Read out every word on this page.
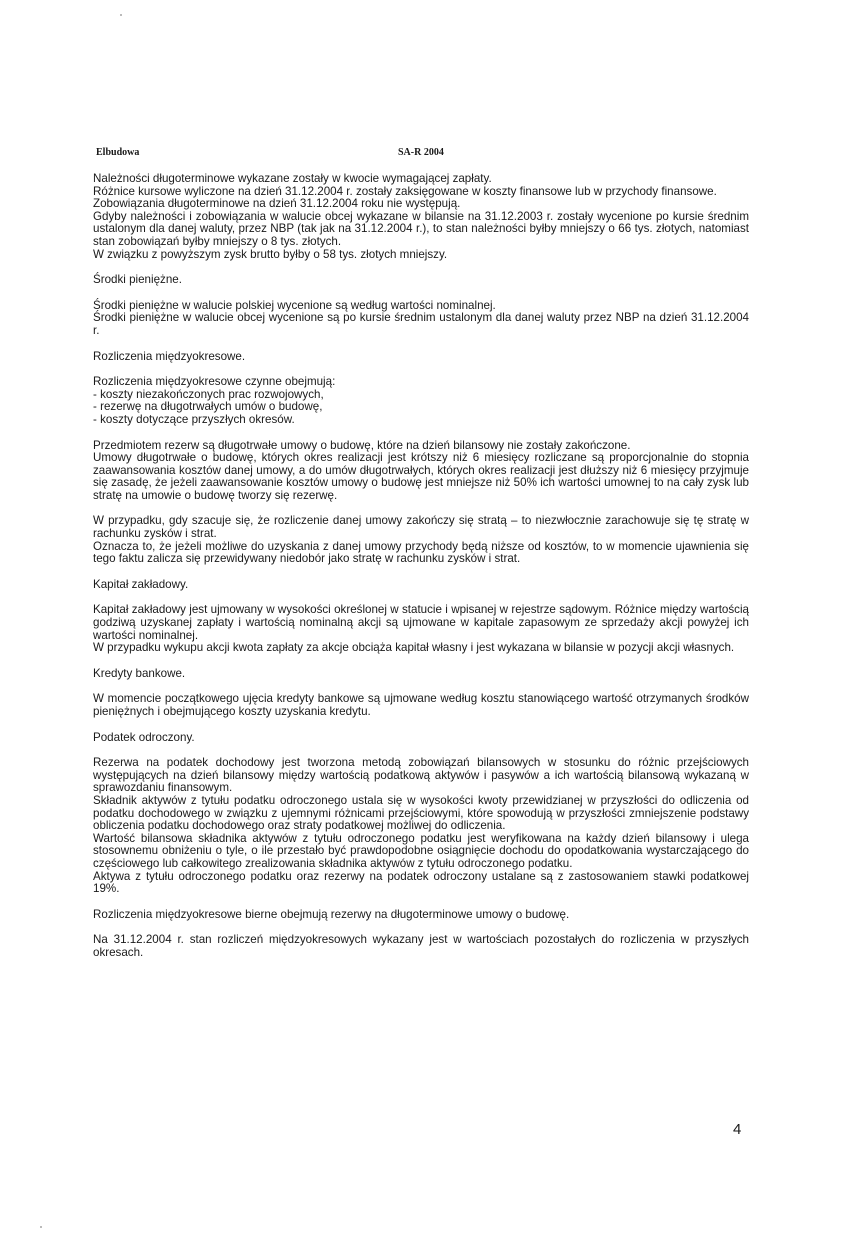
Elbudowa	SA-R 2004

Należności długoterminowe wykazane zostały w kwocie wymagającej zapłaty.

Różnice kursowe wyliczone na dzień 31.12.2004 r. zostały zaksięgowane w koszty finansowe lub w przychody finansowe.

Zobowiązania długoterminowe na dzień 31.12.2004 roku nie występują.

Gdyby należności i zobowiązania w walucie obcej wykazane w bilansie na 31.12.2003 r. zostały wycenione po kursie średnim ustalonym dla danej waluty, przez NBP (tak jak na 31.12.2004 r.), to stan należności byłby mniejszy o 66 tys. złotych, natomiast stan zobowiązań byłby mniejszy o 8 tys. złotych.

W związku z powyższym zysk brutto byłby o 58 tys. złotych mniejszy.

Środki pieniężne.

Środki pieniężne w walucie polskiej wycenione są według wartości nominalnej.

Środki pieniężne w walucie obcej wycenione są po kursie średnim ustalonym dla danej waluty przez NBP na dzień 31.12.2004 r.

Rozliczenia międzyokresowe.

Rozliczenia międzyokresowe czynne obejmują:

- koszty niezakończonych prac rozwojowych,

- rezerwę na długotrwałych umów o budowę,

- koszty dotyczące przyszłych okresów.

Przedmiotem rezerw są długotrwałe umowy o budowę, które na dzień bilansowy nie zostały zakończone.

Umowy długotrwałe o budowę, których okres realizacji jest krótszy niż 6 miesięcy rozliczane są proporcjonalnie do stopnia zaawansowania kosztów danej umowy, a do umów długotrwałych, których okres realizacji jest dłuższy niż 6 miesięcy przyjmuje się zasadę, że jeżeli zaawansowanie kosztów umowy o budowę jest mniejsze niż 50% ich wartości umownej to na cały zysk lub stratę na umowie o budowę tworzy się rezerwę.

W przypadku, gdy szacuje się, że rozliczenie danej umowy zakończy się stratą – to niezwłocznie zarachowuje się tę stratę w rachunku zysków i strat.

Oznacza to, że jeżeli możliwe do uzyskania z danej umowy przychody będą niższe od kosztów, to w momencie ujawnienia się tego faktu zalicza się przewidywany niedobór jako stratę w rachunku zysków i strat.

Kapitał zakładowy.

Kapitał zakładowy jest ujmowany w wysokości określonej w statucie i wpisanej w rejestrze sądowym. Różnice między wartością godziwą uzyskanej zapłaty i wartością nominalną akcji są ujmowane w kapitale zapasowym ze sprzedaży akcji powyżej ich wartości nominalnej.

W przypadku wykupu akcji kwota zapłaty za akcje obciąża kapitał własny i jest wykazana w bilansie w pozycji akcji własnych.

Kredyty bankowe.

W momencie początkowego ujęcia kredyty bankowe są ujmowane według kosztu stanowiącego wartość otrzymanych środków pieniężnych i obejmującego koszty uzyskania kredytu.

Podatek odroczony.

Rezerwa na podatek dochodowy jest tworzona metodą zobowiązań bilansowych w stosunku do różnic przejściowych występujących na dzień bilansowy między wartością podatkową aktywów i pasywów a ich wartością bilansową wykazaną w sprawozdaniu finansowym.

Składnik aktywów z tytułu podatku odroczonego ustala się w wysokości kwoty przewidzianej w przyszłości do odliczenia od podatku dochodowego w związku z ujemnymi różnicami przejściowymi, które spowodują w przyszłości zmniejszenie podstawy obliczenia podatku dochodowego oraz straty podatkowej możliwej do odliczenia.

Wartość bilansowa składnika aktywów z tytułu odroczonego podatku jest weryfikowana na każdy dzień bilansowy i ulega stosownemu obniżeniu o tyle, o ile przestało być prawdopodobne osiągnięcie dochodu do opodatkowania wystarczającego do częściowego lub całkowitego zrealizowania składnika aktywów z tytułu odroczonego podatku.

Aktywa z tytułu odroczonego podatku oraz rezerwy na podatek odroczony ustalane są z zastosowaniem stawki podatkowej 19%.

Rozliczenia międzyokresowe bierne obejmują rezerwy na długoterminowe umowy o budowę.

Na 31.12.2004 r. stan rozliczeń międzyokresowych wykazany jest w wartościach pozostałych do rozliczenia w przyszłych okresach.

4
